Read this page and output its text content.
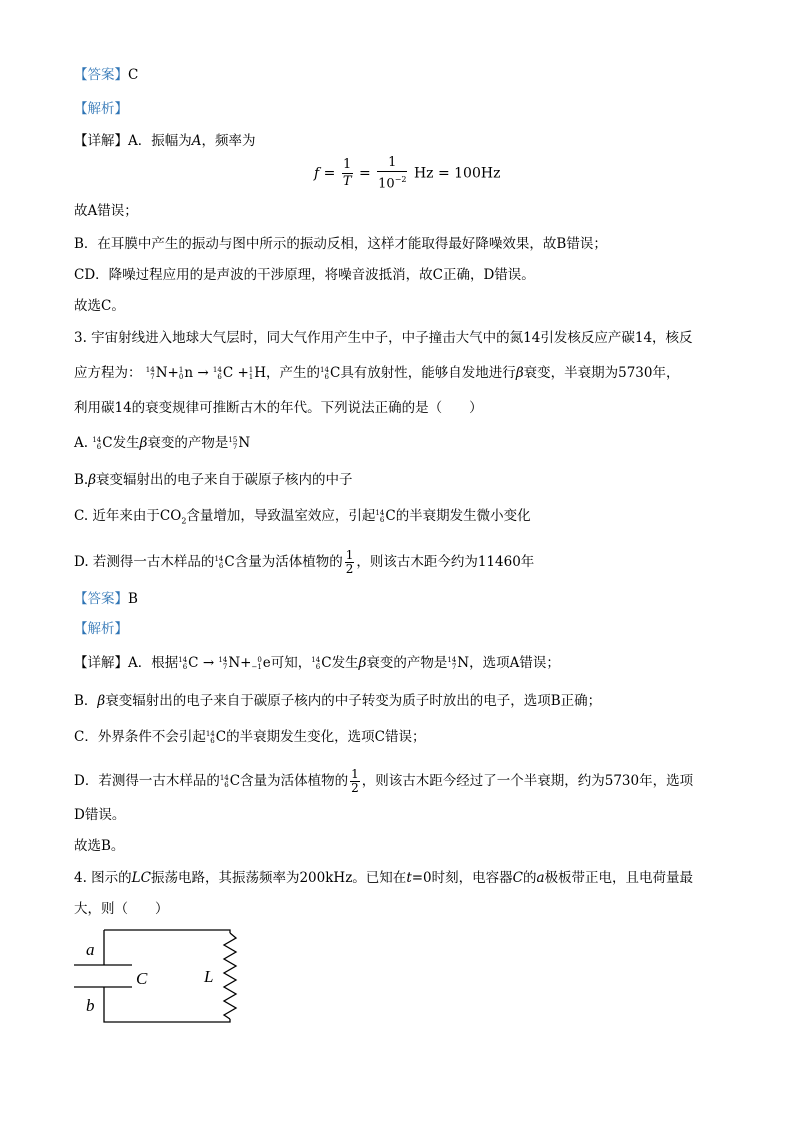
【答案】C
【解析】
【详解】A．振幅为A，频率为
$f = \frac{1}{T} = \frac{1}{10^{-2}}$ Hz = 100Hz
故A错误；
B．在耳膜中产生的振动与图中所示的振动反相，这样才能取得最好降噪效果，故B错误；
CD．降噪过程应用的是声波的干涉原理，将噪音波抵消，故C正确，D错误。
故选C。
3. 宇宙射线进入地球大气层时，同大气作用产生中子，中子撞击大气中的氮14引发核反应产碳14，核反
应方程为： 14
7 N+ 1
0 n → 14
6 C + 1
1 H，产生的 14
6 C具有放射性，能够自发地进行β衰变，半衰期为5730年，
利用碳14的衰变规律可推断古木的年代。下列说法正确的是（　　）
A. 14
6 C发生β衰变的产物是 15
7 N
B.β衰变辐射出的电子来自于碳原子核内的中子
C. 近年来由于$CO_2$含量增加，导致温室效应，引起 14
6 C的半衰期发生微小变化
D. 若测得一古木样品的 14
6 C含量为活体植物的 $\frac{1}{2}$ ，则该古木距今约为11460年
【答案】B
【解析】
【详解】A．根据 14
6 C → 14
7 N+ 0
−1 e可知， 14
6 C发生β衰变的产物是 14
7 N，选项A错误；
B．β衰变辐射出的电子来自于碳原子核内的中子转变为质子时放出的电子，选项B正确；
C．外界条件不会引起 14
6 C的半衰期发生变化，选项C错误；
D．若测得一古木样品的 14
6 C含量为活体植物的 $\frac{1}{2}$ ，则该古木距今经过了一个半衰期，约为5730年，选项
D错误。
故选B。
4. 图示的LC振荡电路，其振荡频率为200kHz。已知在t=0时刻，电容器C的a极板带正电，且电荷量最
大，则（　　）
a
b
C	L
